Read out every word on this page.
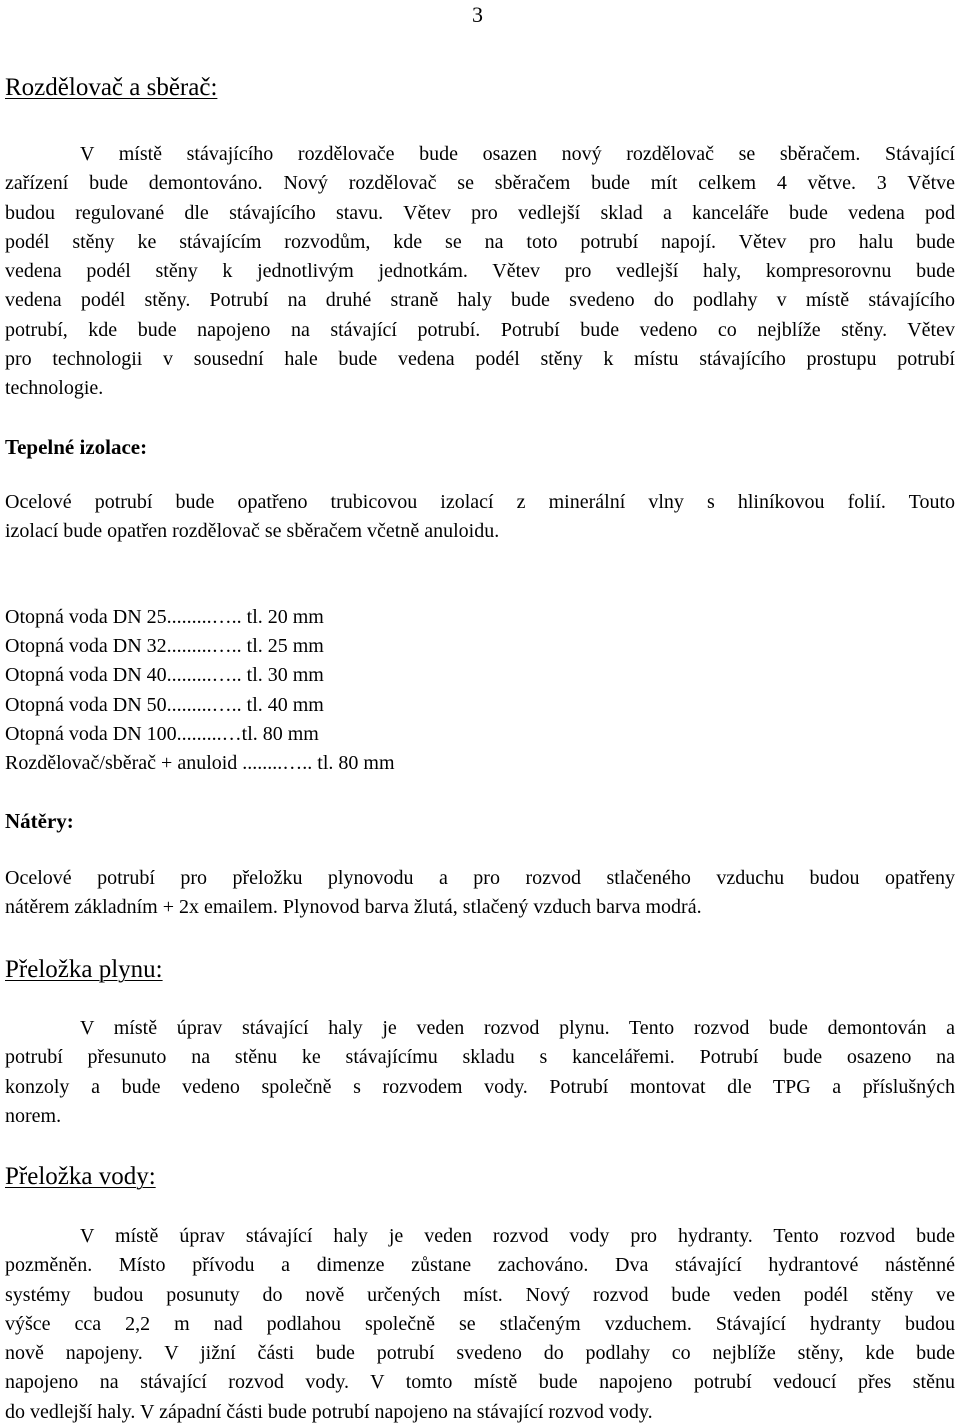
3
Rozdělovač a sběrač:
V místě stávajícího rozdělovače bude osazen nový rozdělovač se sběračem. Stávající
zařízení bude demontováno. Nový rozdělovač se sběračem bude mít celkem 4 větve. 3 Větve
budou regulované dle stávajícího stavu. Větev pro vedlejší sklad a kanceláře bude vedena pod
podél stěny ke stávajícím rozvodům, kde se na toto potrubí napojí. Větev pro halu bude
vedena podél stěny k jednotlivým jednotkám. Větev pro vedlejší haly, kompresorovnu bude
vedena podél stěny. Potrubí na druhé straně haly bude svedeno do podlahy v místě stávajícího
potrubí, kde bude napojeno na stávající potrubí. Potrubí bude vedeno co nejblíže stěny. Větev
pro technologii v sousední hale bude vedena podél stěny k místu stávajícího prostupu potrubí
technologie.
Tepelné izolace:
Ocelové potrubí bude opatřeno trubicovou izolací z minerální vlny s hliníkovou folií. Touto
izolací bude opatřen rozdělovač se sběračem včetně anuloidu.
Otopná voda DN 25.........….. tl. 20 mm
Otopná voda DN 32.........….. tl. 25 mm
Otopná voda DN 40.........….. tl. 30 mm
Otopná voda DN 50.........….. tl. 40 mm
Otopná voda DN 100.........…tl. 80 mm
Rozdělovač/sběrač + anuloid ........….. tl. 80 mm
Nátěry:
Ocelové potrubí pro přeložku plynovodu a pro rozvod stlačeného vzduchu budou opatřeny
nátěrem základním + 2x emailem. Plynovod barva žlutá, stlačený vzduch barva modrá.
Přeložka plynu:
V místě úprav stávající haly je veden rozvod plynu. Tento rozvod bude demontován a
potrubí přesunuto na stěnu ke stávajícímu skladu s kancelářemi. Potrubí bude osazeno na
konzoly a bude vedeno společně s rozvodem vody. Potrubí montovat dle TPG a příslušných
norem.
Přeložka vody:
V místě úprav stávající haly je veden rozvod vody pro hydranty. Tento rozvod bude
pozměněn. Místo přívodu a dimenze zůstane zachováno. Dva stávající hydrantové nástěnné
systémy budou posunuty do nově určených míst. Nový rozvod bude veden podél stěny ve
výšce cca 2,2 m nad podlahou společně se stlačeným vzduchem. Stávající hydranty budou
nově napojeny. V jižní části bude potrubí svedeno do podlahy co nejblíže stěny, kde bude
napojeno na stávající rozvod vody. V tomto místě bude napojeno potrubí vedoucí přes stěnu
do vedlejší haly. V západní části bude potrubí napojeno na stávající rozvod vody.
